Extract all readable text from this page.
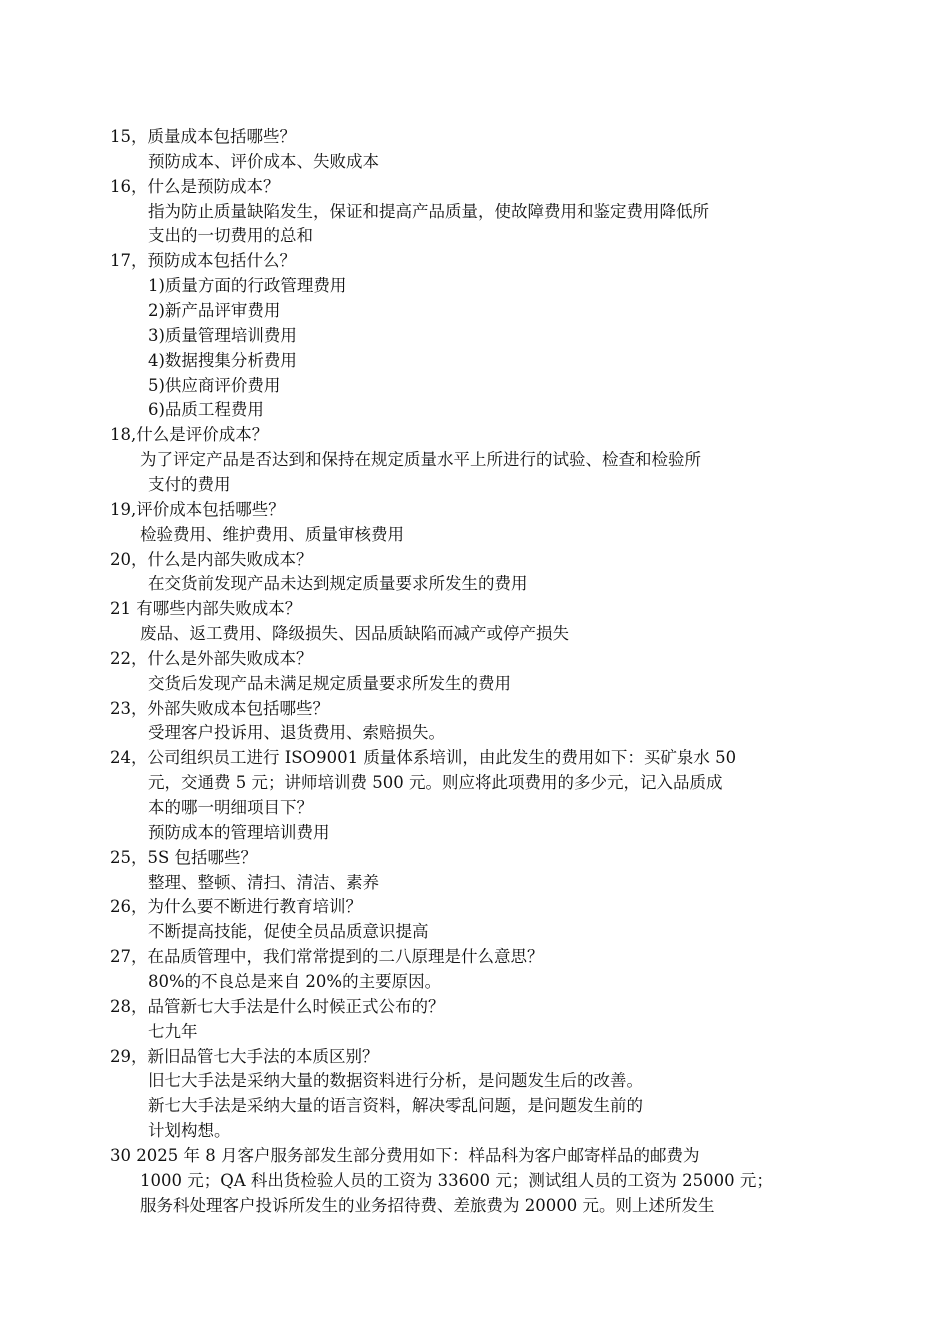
15，质量成本包括哪些？
预防成本、评价成本、失败成本
16，什么是预防成本？
指为防止质量缺陷发生，保证和提高产品质量，使故障费用和鉴定费用降低所
支出的一切费用的总和
17，预防成本包括什么？
1)质量方面的行政管理费用
2)新产品评审费用
3)质量管理培训费用
4)数据搜集分析费用
5)供应商评价费用
6)品质工程费用
18,什么是评价成本？
为了评定产品是否达到和保持在规定质量水平上所进行的试验、检查和检验所
支付的费用
19,评价成本包括哪些？
检验费用、维护费用、质量审核费用
20，什么是内部失败成本？
在交货前发现产品未达到规定质量要求所发生的费用
21 有哪些内部失败成本？
废品、返工费用、降级损失、因品质缺陷而减产或停产损失
22，什么是外部失败成本？
交货后发现产品未满足规定质量要求所发生的费用
23，外部失败成本包括哪些？
受理客户投诉用、退货费用、索赔损失。
24，公司组织员工进行 ISO9001 质量体系培训，由此发生的费用如下：买矿泉水 50
元，交通费 5 元；讲师培训费 500 元。则应将此项费用的多少元，记入品质成
本的哪一明细项目下？
预防成本的管理培训费用
25，5S 包括哪些？
整理、整顿、清扫、清洁、素养
26，为什么要不断进行教育培训？
不断提高技能，促使全员品质意识提高
27，在品质管理中，我们常常提到的二八原理是什么意思？
80%的不良总是来自 20%的主要原因。
28，品管新七大手法是什么时候正式公布的？
七九年
29，新旧品管七大手法的本质区别？
旧七大手法是采纳大量的数据资料进行分析，是问题发生后的改善。
新七大手法是采纳大量的语言资料，解决零乱问题，是问题发生前的
计划构想。
30 2025 年 8 月客户服务部发生部分费用如下：样品科为客户邮寄样品的邮费为
1000 元；QA 科出货检验人员的工资为 33600 元；测试组人员的工资为 25000 元；
服务科处理客户投诉所发生的业务招待费、差旅费为 20000 元。则上述所发生
